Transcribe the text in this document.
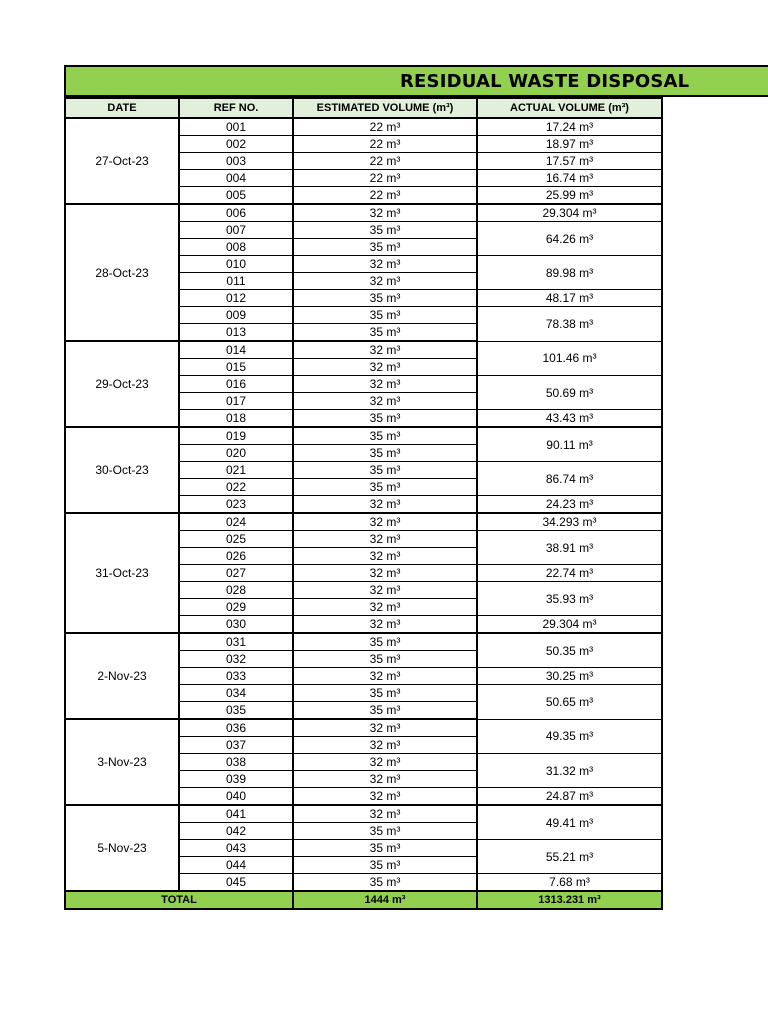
RESIDUAL WASTE DISPOSAL
DATE	REF NO.	ESTIMATED VOLUME (m³)	ACTUAL VOLUME (m³)
27-Oct-23	001	22 m³	17.24 m³
	002	22 m³	18.97 m³
	003	22 m³	17.57 m³
	004	22 m³	16.74 m³
	005	22 m³	25.99 m³
28-Oct-23	006	32 m³	29.304 m³
	007	35 m³	64.26 m³
	008	35 m³	
	010	32 m³	89.98 m³
	011	32 m³	
	012	35 m³	48.17 m³
	009	35 m³	78.38 m³
	013	35 m³	
29-Oct-23	014	32 m³	101.46 m³
	015	32 m³	
	016	32 m³	50.69 m³
	017	32 m³	
	018	35 m³	43.43 m³
30-Oct-23	019	35 m³	90.11 m³
	020	35 m³	
	021	35 m³	86.74 m³
	022	35 m³	
	023	32 m³	24.23 m³
31-Oct-23	024	32 m³	34.293 m³
	025	32 m³	38.91 m³
	026	32 m³	
	027	32 m³	22.74 m³
	028	32 m³	35.93 m³
	029	32 m³	
	030	32 m³	29.304 m³
2-Nov-23	031	35 m³	50.35 m³
	032	35 m³	
	033	32 m³	30.25 m³
	034	35 m³	50.65 m³
	035	35 m³	
3-Nov-23	036	32 m³	49.35 m³
	037	32 m³	
	038	32 m³	31.32 m³
	039	32 m³	
	040	32 m³	24.87 m³
5-Nov-23	041	32 m³	49.41 m³
	042	35 m³	
	043	35 m³	55.21 m³
	044	35 m³	
	045	35 m³	7.68 m³
TOTAL		1444 m³	1313.231 m³
